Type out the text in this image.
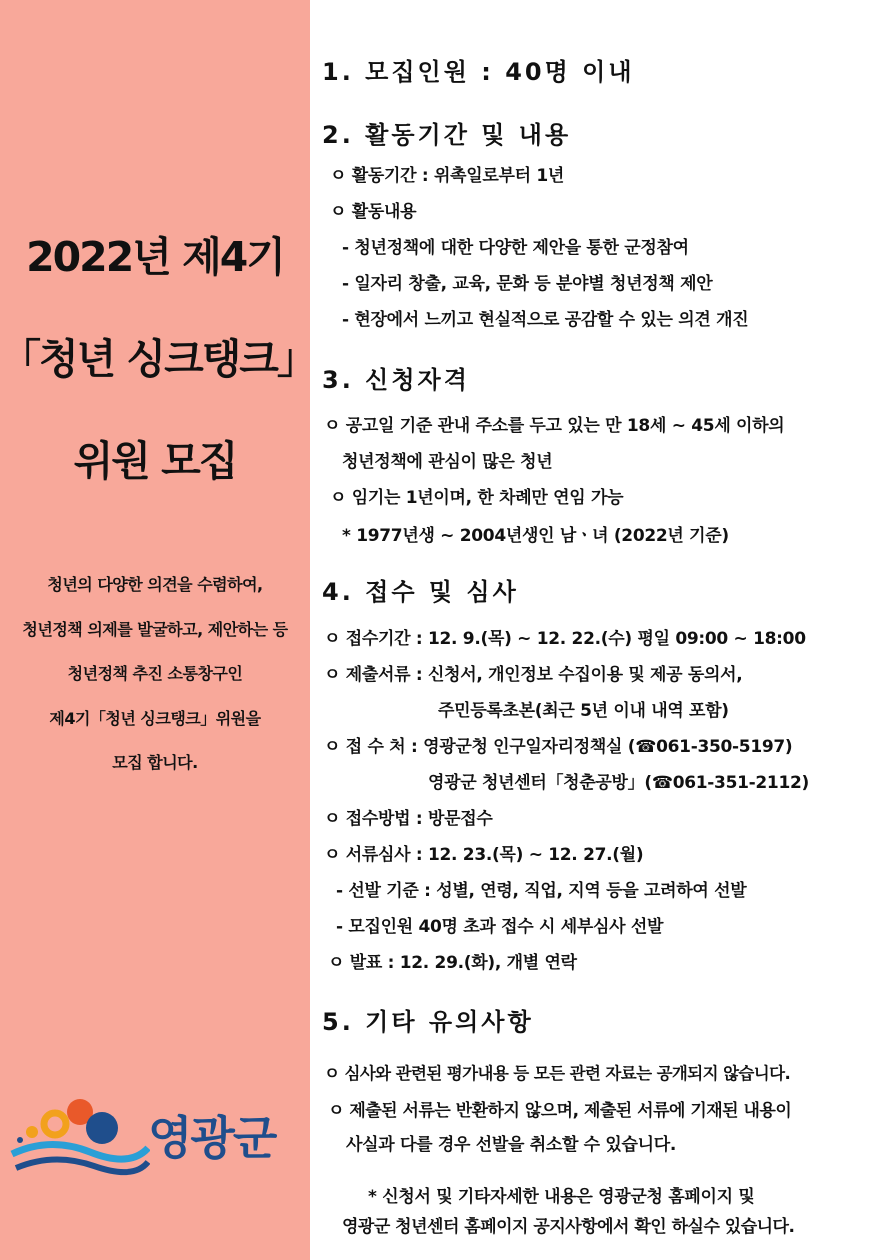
2022년 제4기
「청년 싱크탱크」
위원 모집
청년의 다양한 의견을 수렴하여,
청년정책 의제를 발굴하고, 제안하는 등
청년정책 추진 소통창구인
제4기「청년 싱크탱크」위원을
모집 합니다.
영광군
1. 모집인원 : 40명 이내
2. 활동기간 및 내용
ㅇ 활동기간 : 위촉일로부터 1년
ㅇ 활동내용
- 청년정책에 대한 다양한 제안을 통한 군정참여
- 일자리 창출, 교육, 문화 등 분야별 청년정책 제안
- 현장에서 느끼고 현실적으로 공감할 수 있는 의견 개진
3. 신청자격
ㅇ 공고일 기준 관내 주소를 두고 있는 만 18세 ~ 45세 이하의
청년정책에 관심이 많은 청년
ㅇ 임기는 1년이며, 한 차례만 연임 가능
* 1977년생 ~ 2004년생인 남ㆍ녀 (2022년 기준)
4. 접수 및 심사
ㅇ 접수기간 : 12. 9.(목) ~ 12. 22.(수) 평일 09:00 ~ 18:00
ㅇ 제출서류 : 신청서, 개인정보 수집이용 및 제공 동의서,
주민등록초본(최근 5년 이내 내역 포함)
ㅇ 접 수 처 : 영광군청 인구일자리정책실 (☎061-350-5197)
영광군 청년센터「청춘공방」(☎061-351-2112)
ㅇ 접수방법 : 방문접수
ㅇ 서류심사 : 12. 23.(목) ~ 12. 27.(월)
- 선발 기준 : 성별, 연령, 직업, 지역 등을 고려하여 선발
- 모집인원 40명 초과 접수 시 세부심사 선발
ㅇ 발표 : 12. 29.(화), 개별 연락
5. 기타 유의사항
ㅇ 심사와 관련된 평가내용 등 모든 관련 자료는 공개되지 않습니다.
ㅇ 제출된 서류는 반환하지 않으며, 제출된 서류에 기재된 내용이
사실과 다를 경우 선발을 취소할 수 있습니다.
* 신청서 및 기타자세한 내용은 영광군청 홈페이지 및
영광군 청년센터 홈페이지 공지사항에서 확인 하실수 있습니다.
